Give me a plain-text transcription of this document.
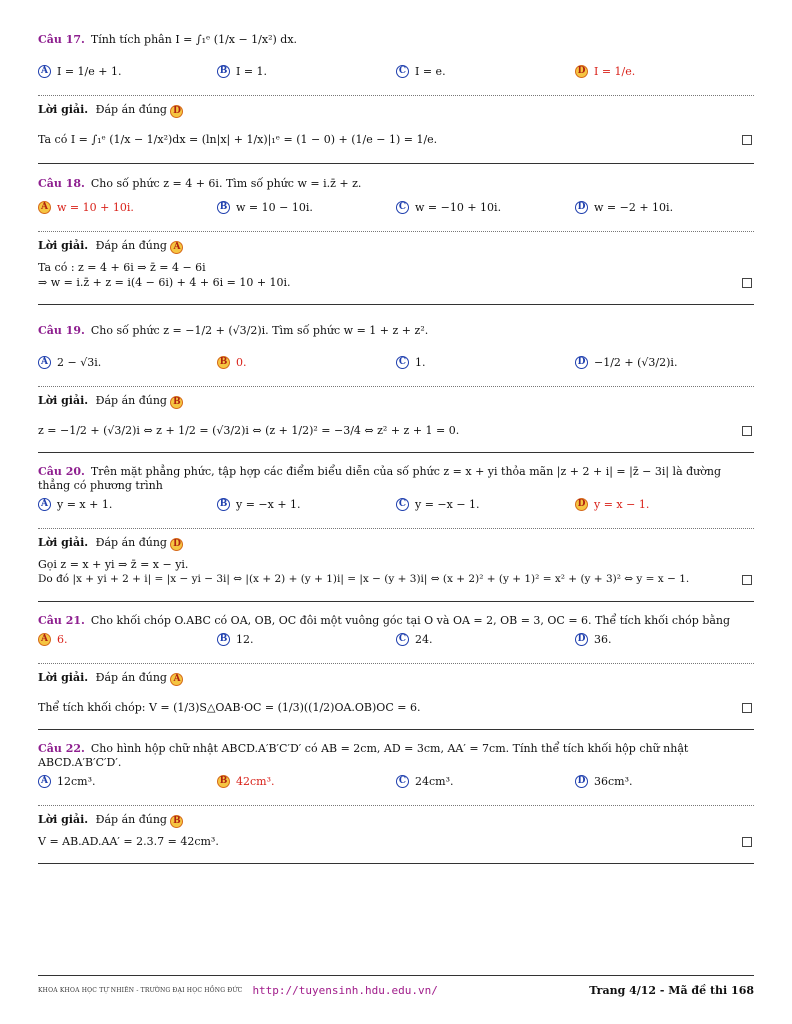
Câu 17. Tính tích phân I = ∫₁ᵉ (1/x − 1/x²) dx.
A I = 1/e + 1.	B I = 1.	C I = e.	D I = 1/e.
Lời giải. Đáp án đúng D
Ta có I = ∫₁ᵉ (1/x − 1/x²)dx = (ln|x| + 1/x)|₁ᵉ = (1 − 0) + (1/e − 1) = 1/e.
Câu 18. Cho số phức z = 4 + 6i. Tìm số phức w = i.z̄ + z.
A w = 10 + 10i.	B w = 10 − 10i.	C w = −10 + 10i.	D w = −2 + 10i.
Lời giải. Đáp án đúng A
Ta có : z = 4 + 6i ⇒ z̄ = 4 − 6i
⇒ w = i.z̄ + z = i(4 − 6i) + 4 + 6i = 10 + 10i.
Câu 19. Cho số phức z = −1/2 + (√3/2)i. Tìm số phức w = 1 + z + z².
A 2 − √3i.	B 0.	C 1.	D −1/2 + (√3/2)i.
Lời giải. Đáp án đúng B
z = −1/2 + (√3/2)i ⇔ z + 1/2 = (√3/2)i ⇔ (z + 1/2)² = −3/4 ⇔ z² + z + 1 = 0.
Câu 20. Trên mặt phẳng phức, tập hợp các điểm biểu diễn của số phức z = x + yi thỏa mãn |z + 2 + i| = |z̄ − 3i| là đường thẳng có phương trình
A y = x + 1.	B y = −x + 1.	C y = −x − 1.	D y = x − 1.
Lời giải. Đáp án đúng D
Gọi z = x + yi ⇒ z̄ = x − yi.
Do đó |x + yi + 2 + i| = |x − yi − 3i| ⇔ |(x + 2) + (y + 1)i| = |x − (y + 3)i| ⇔ (x + 2)² + (y + 1)² = x² + (y + 3)² ⇔ y = x − 1.
Câu 21. Cho khối chóp O.ABC có OA, OB, OC đôi một vuông góc tại O và OA = 2, OB = 3, OC = 6. Thể tích khối chóp bằng
A 6.	B 12.	C 24.	D 36.
Lời giải. Đáp án đúng A
Thể tích khối chóp: V = (1/3)S△OAB·OC = (1/3)((1/2)OA.OB)OC = 6.
Câu 22. Cho hình hộp chữ nhật ABCD.A′B′C′D′ có AB = 2cm, AD = 3cm, AA′ = 7cm. Tính thể tích khối hộp chữ nhật ABCD.A′B′C′D′.
A 12cm³.	B 42cm³.	C 24cm³.	D 36cm³.
Lời giải. Đáp án đúng B
V = AB.AD.AA′ = 2.3.7 = 42cm³.
KHOA KHOA HỌC TỰ NHIÊN - TRƯỜNG ĐẠI HỌC HỒNG ĐỨC http://tuyensinh.hdu.edu.vn/	Trang 4/12 - Mã đề thi 168
